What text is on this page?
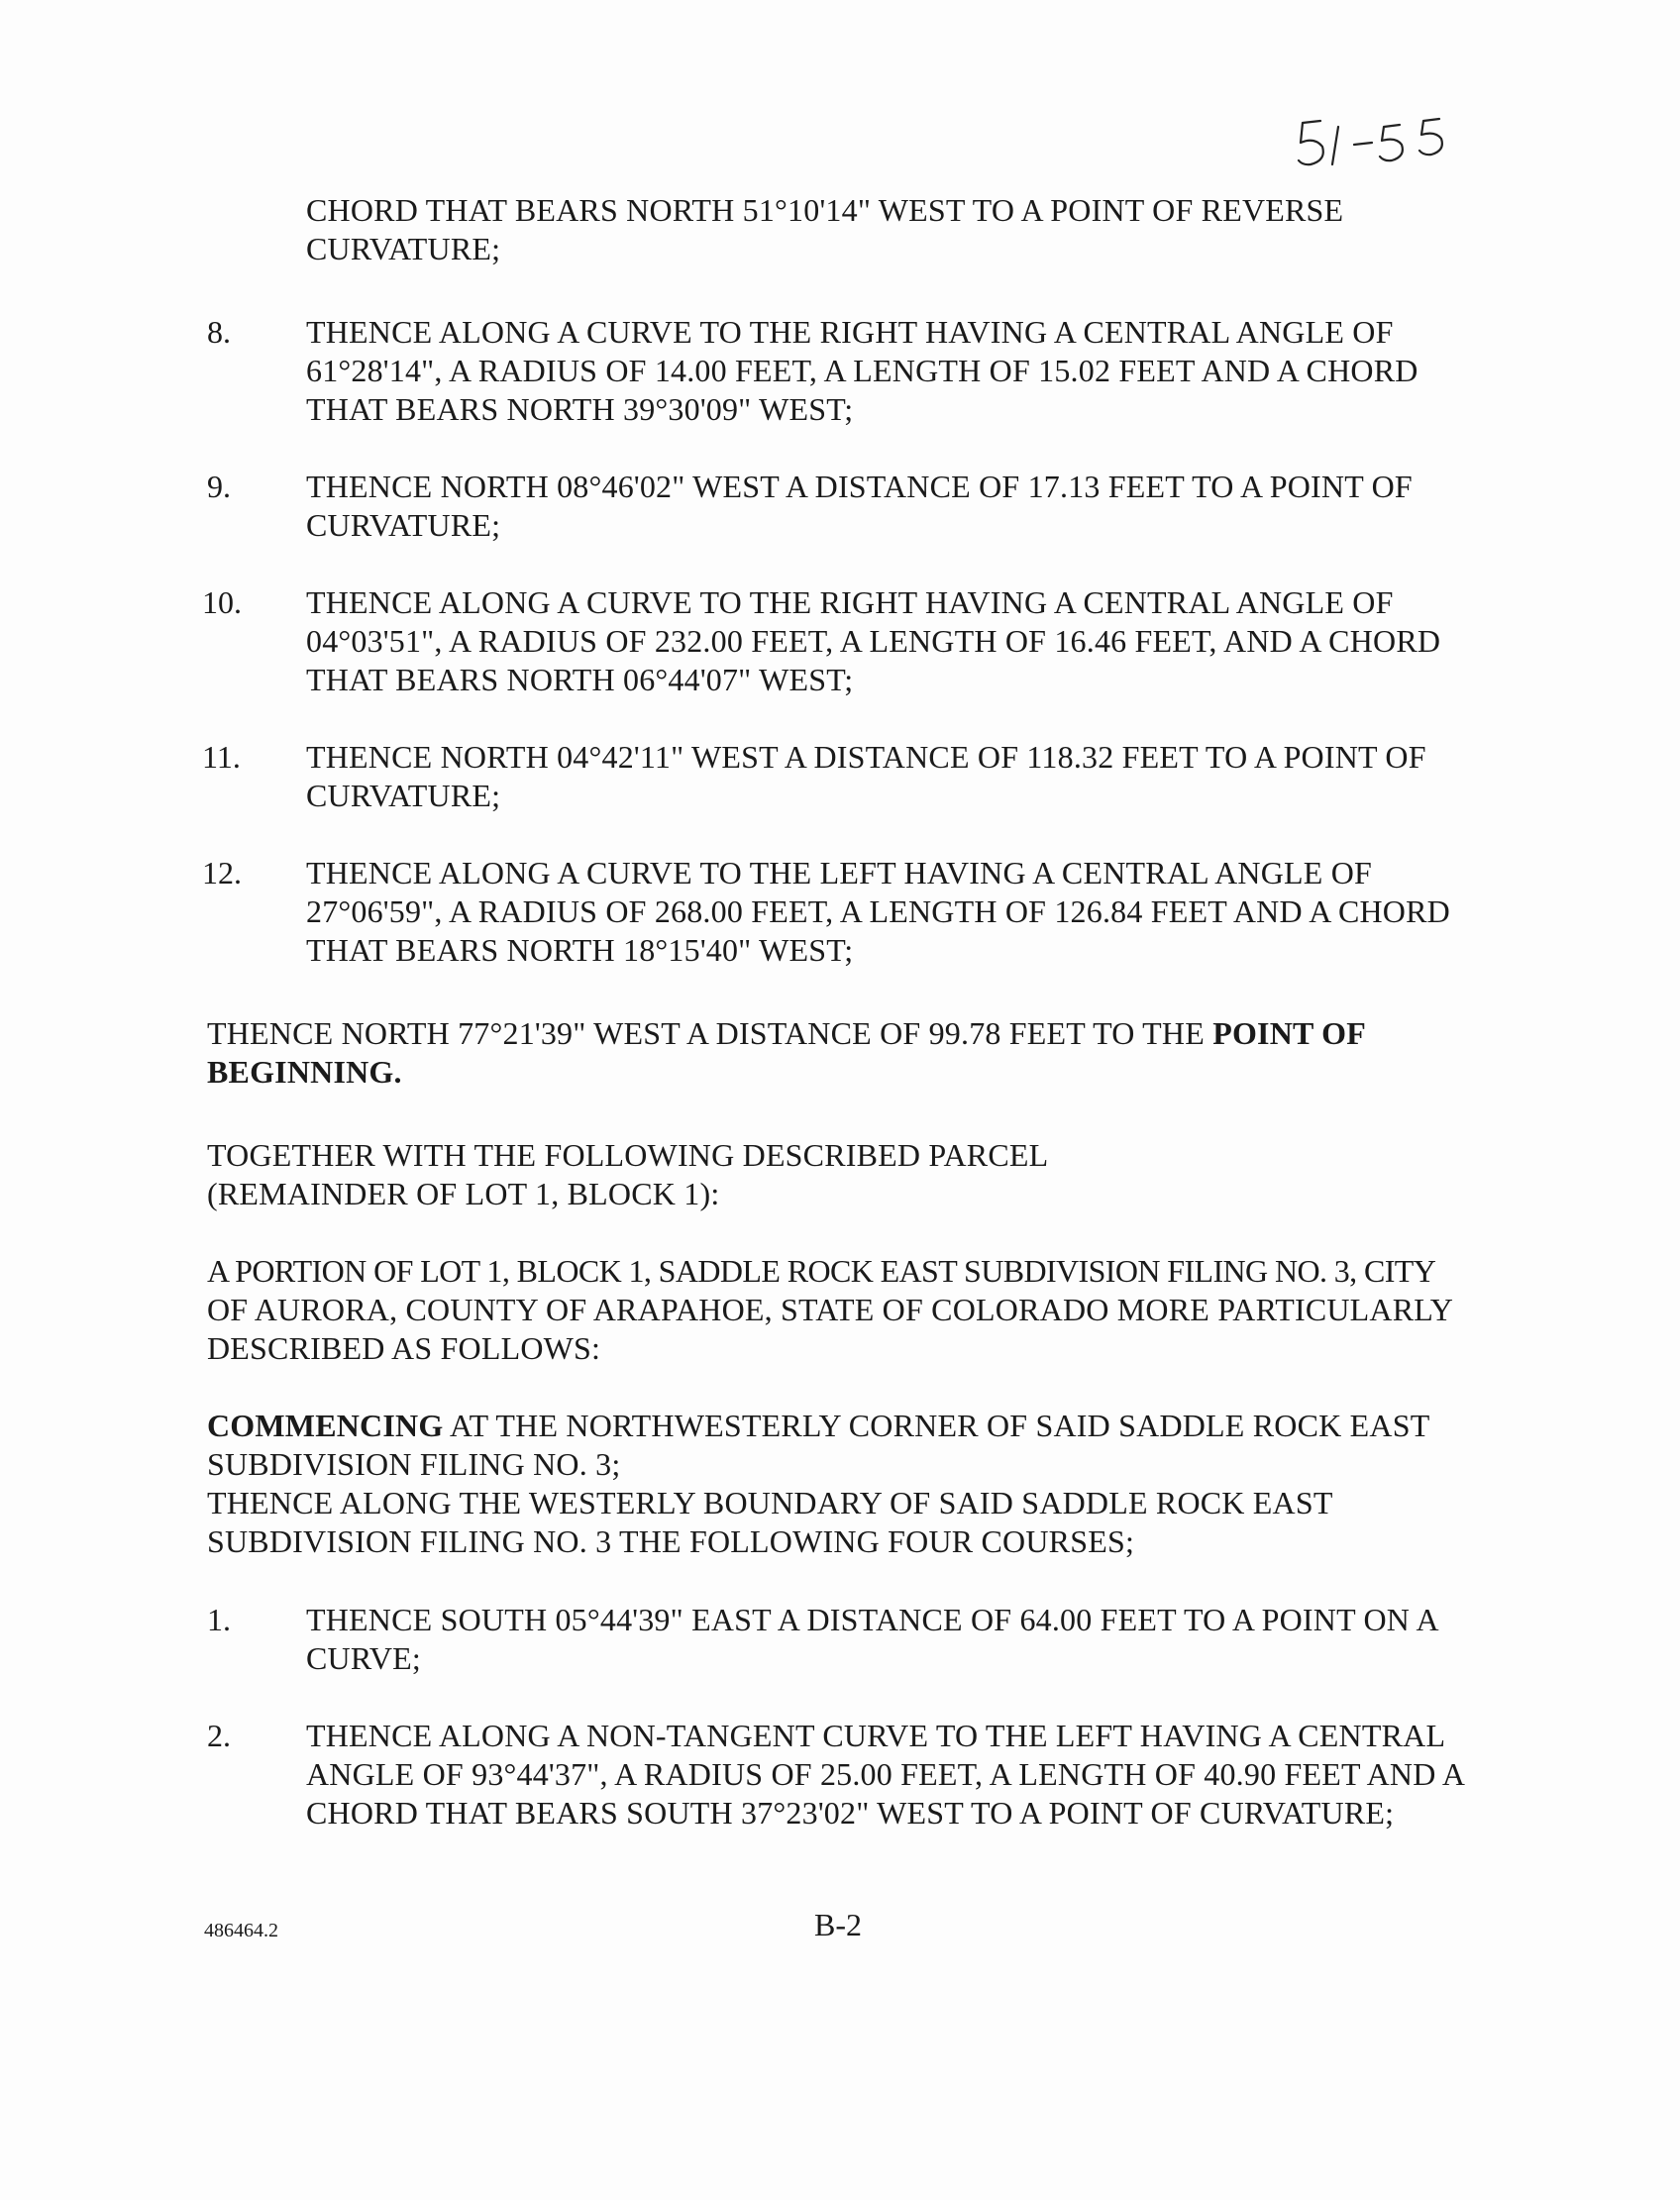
CHORD THAT BEARS NORTH 51°10'14" WEST TO A POINT OF REVERSE
CURVATURE;
8. THENCE ALONG A CURVE TO THE RIGHT HAVING A CENTRAL ANGLE OF
61°28'14", A RADIUS OF 14.00 FEET, A LENGTH OF 15.02 FEET AND A CHORD
THAT BEARS NORTH 39°30'09" WEST;
9. THENCE NORTH 08°46'02" WEST A DISTANCE OF 17.13 FEET TO A POINT OF
CURVATURE;
10. THENCE ALONG A CURVE TO THE RIGHT HAVING A CENTRAL ANGLE OF
04°03'51", A RADIUS OF 232.00 FEET, A LENGTH OF 16.46 FEET, AND A CHORD
THAT BEARS NORTH 06°44'07" WEST;
11. THENCE NORTH 04°42'11" WEST A DISTANCE OF 118.32 FEET TO A POINT OF
CURVATURE;
12. THENCE ALONG A CURVE TO THE LEFT HAVING A CENTRAL ANGLE OF
27°06'59", A RADIUS OF 268.00 FEET, A LENGTH OF 126.84 FEET AND A CHORD
THAT BEARS NORTH 18°15'40" WEST;
THENCE NORTH 77°21'39" WEST A DISTANCE OF 99.78 FEET TO THE POINT OF
BEGINNING.
TOGETHER WITH THE FOLLOWING DESCRIBED PARCEL
(REMAINDER OF LOT 1, BLOCK 1):
A PORTION OF LOT 1, BLOCK 1, SADDLE ROCK EAST SUBDIVISION FILING NO. 3, CITY
OF AURORA, COUNTY OF ARAPAHOE, STATE OF COLORADO MORE PARTICULARLY
DESCRIBED AS FOLLOWS:
COMMENCING AT THE NORTHWESTERLY CORNER OF SAID SADDLE ROCK EAST
SUBDIVISION FILING NO. 3;
THENCE ALONG THE WESTERLY BOUNDARY OF SAID SADDLE ROCK EAST
SUBDIVISION FILING NO. 3 THE FOLLOWING FOUR COURSES;
1. THENCE SOUTH 05°44'39" EAST A DISTANCE OF 64.00 FEET TO A POINT ON A
CURVE;
2. THENCE ALONG A NON-TANGENT CURVE TO THE LEFT HAVING A CENTRAL
ANGLE OF 93°44'37", A RADIUS OF 25.00 FEET, A LENGTH OF 40.90 FEET AND A
CHORD THAT BEARS SOUTH 37°23'02" WEST TO A POINT OF CURVATURE;
486464.2	B-2
